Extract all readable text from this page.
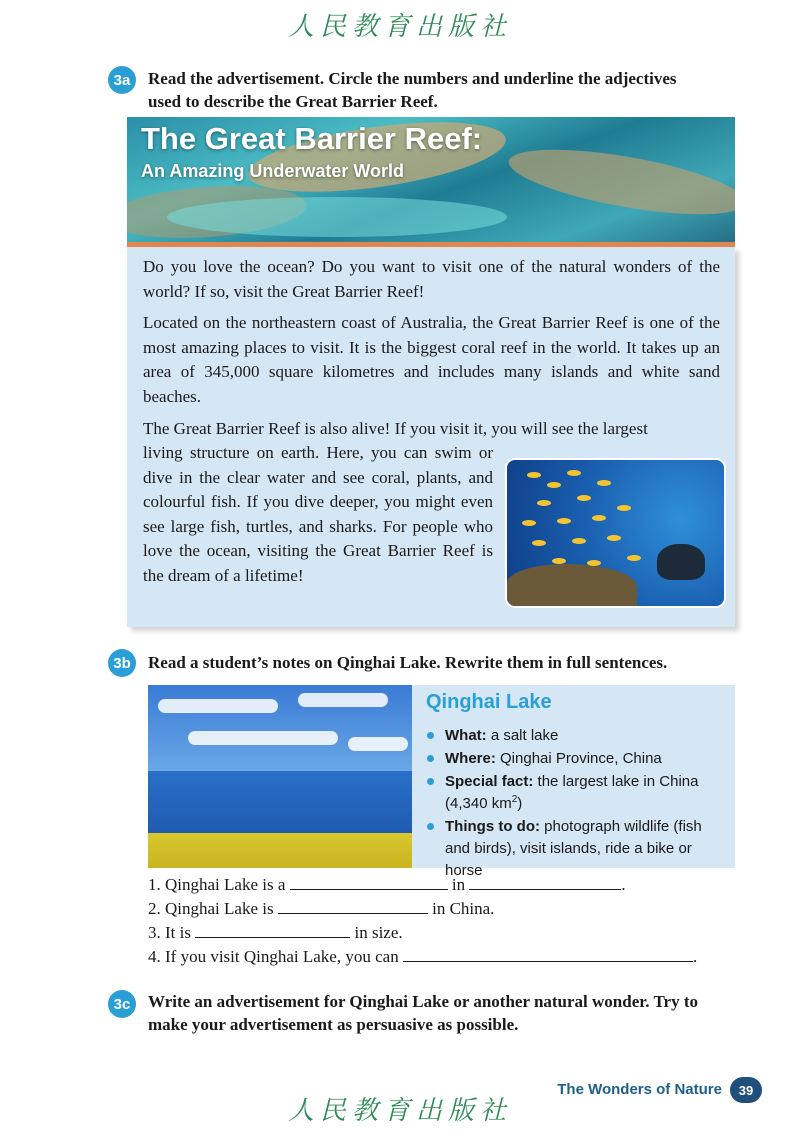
人民教育出版社
3a	Read the advertisement. Circle the numbers and underline the adjectives
used to describe the Great Barrier Reef.
The Great Barrier Reef:
An Amazing Underwater World
Do you love the ocean? Do you want to visit one of the natural wonders of the world? If so, visit the Great Barrier Reef!
Located on the northeastern coast of Australia, the Great Barrier Reef is one of the most amazing places to visit. It is the biggest coral reef in the world. It takes up an area of 345,000 square kilometres and includes many islands and white sand beaches.
The Great Barrier Reef is also alive! If you visit it, you will see the largest
living structure on earth. Here, you can swim or dive in the clear water and see coral, plants, and colourful fish. If you dive deeper, you might even see large fish, turtles, and sharks. For people who love the ocean, visiting the Great Barrier Reef is the dream of a lifetime!
3b	Read a student’s notes on Qinghai Lake. Rewrite them in full sentences.
Qinghai Lake
What: a salt lake
Where: Qinghai Province, China
Special fact: the largest lake in China (4,340 $km^2$)
Things to do: photograph wildlife (fish and birds), visit islands, ride a bike or horse
1. Qinghai Lake is a	in	.
2. Qinghai Lake is	in China.
3. It is	in size.
4. If you visit Qinghai Lake, you can	.
3c	Write an advertisement for Qinghai Lake or another natural wonder. Try to
make your advertisement as persuasive as possible.
The Wonders of Nature	39
人民教育出版社
